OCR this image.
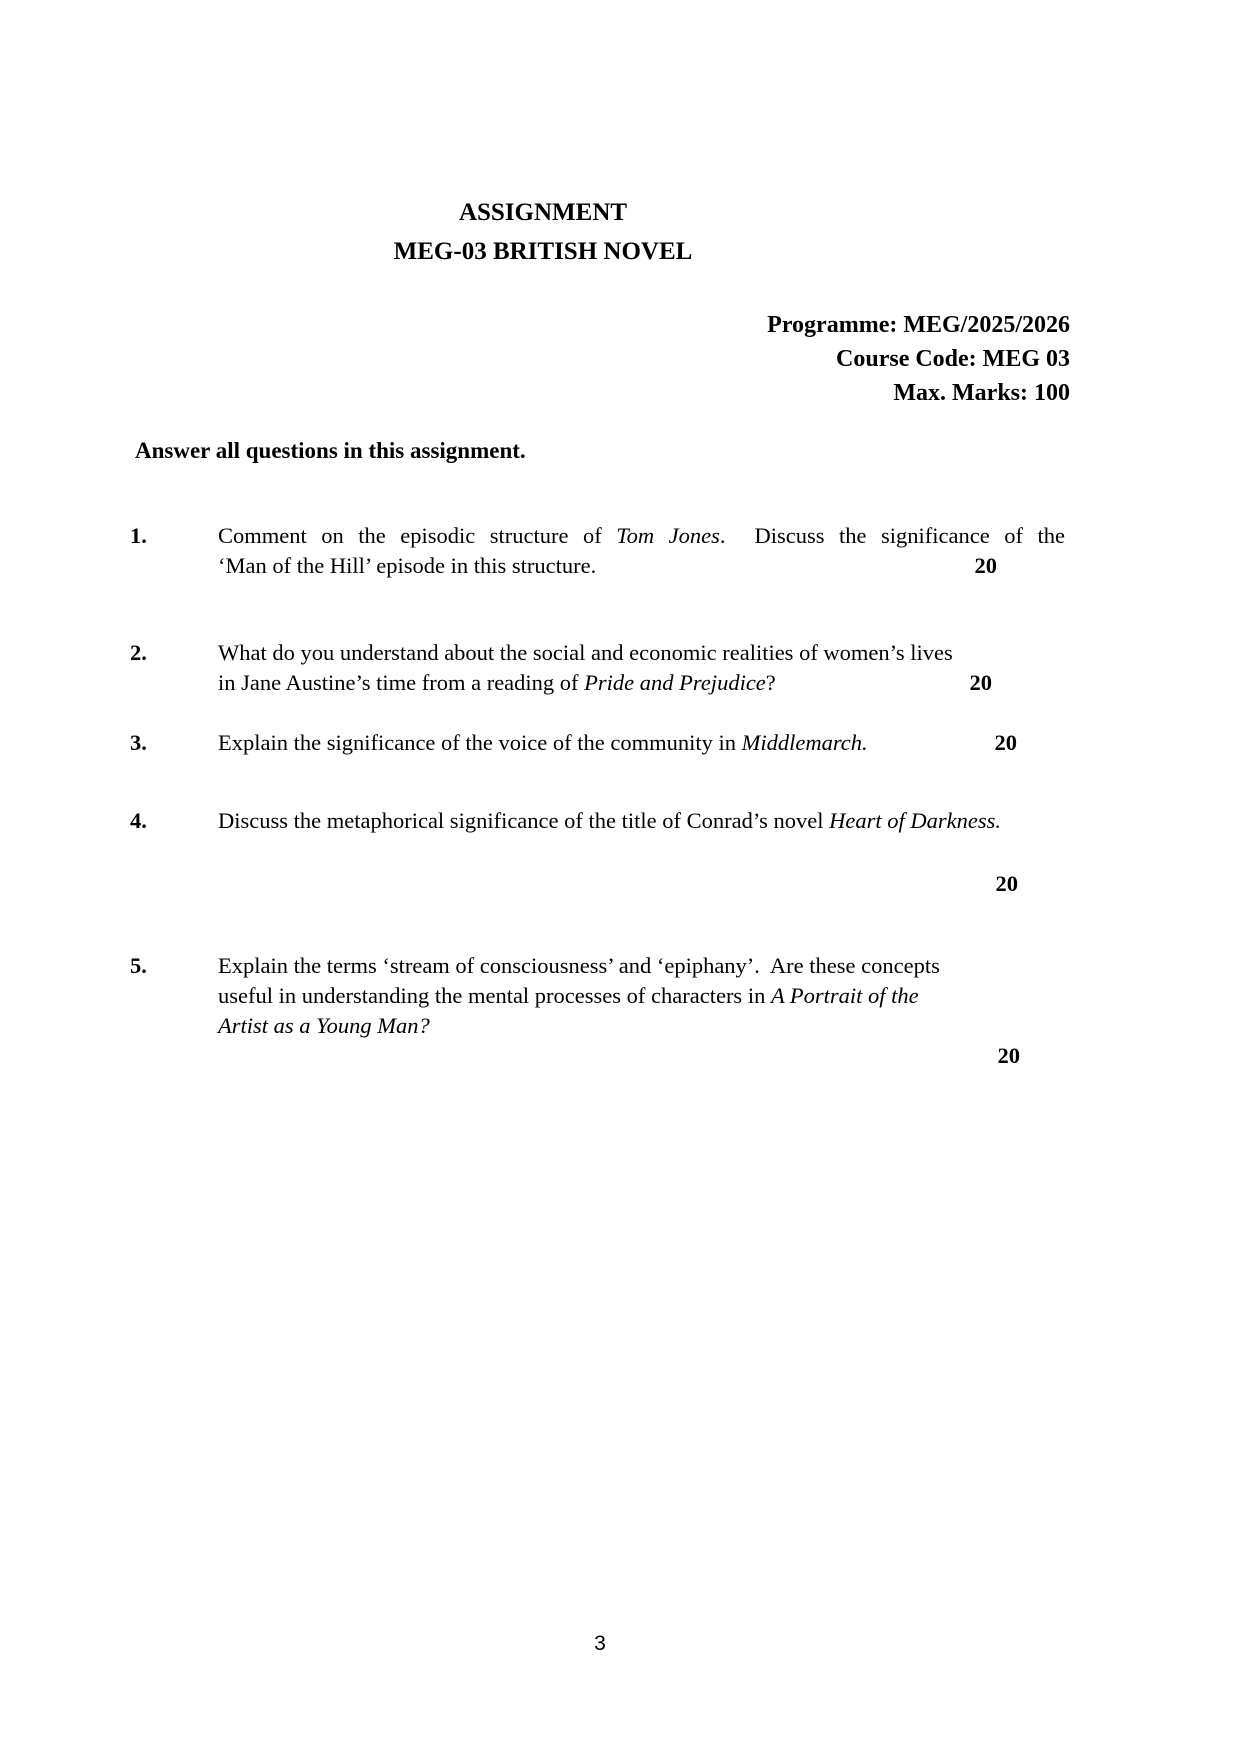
ASSIGNMENT
MEG-03 BRITISH NOVEL
Programme: MEG/2025/2026
Course Code: MEG 03
Max. Marks: 100
Answer all questions in this assignment.
1.	Comment on the episodic structure of Tom Jones.  Discuss the significance of the
‘Man of the Hill’ episode in this structure.	20
2.	What do you understand about the social and economic realities of women’s lives
in Jane Austine’s time from a reading of Pride and Prejudice?	20
3.	Explain the significance of the voice of the community in Middlemarch.	20
4.	Discuss the metaphorical significance of the title of Conrad’s novel Heart of Darkness.
20
5.	Explain the terms ‘stream of consciousness’ and ‘epiphany’.  Are these concepts
useful in understanding the mental processes of characters in A Portrait of the
Artist as a Young Man?
20
3
